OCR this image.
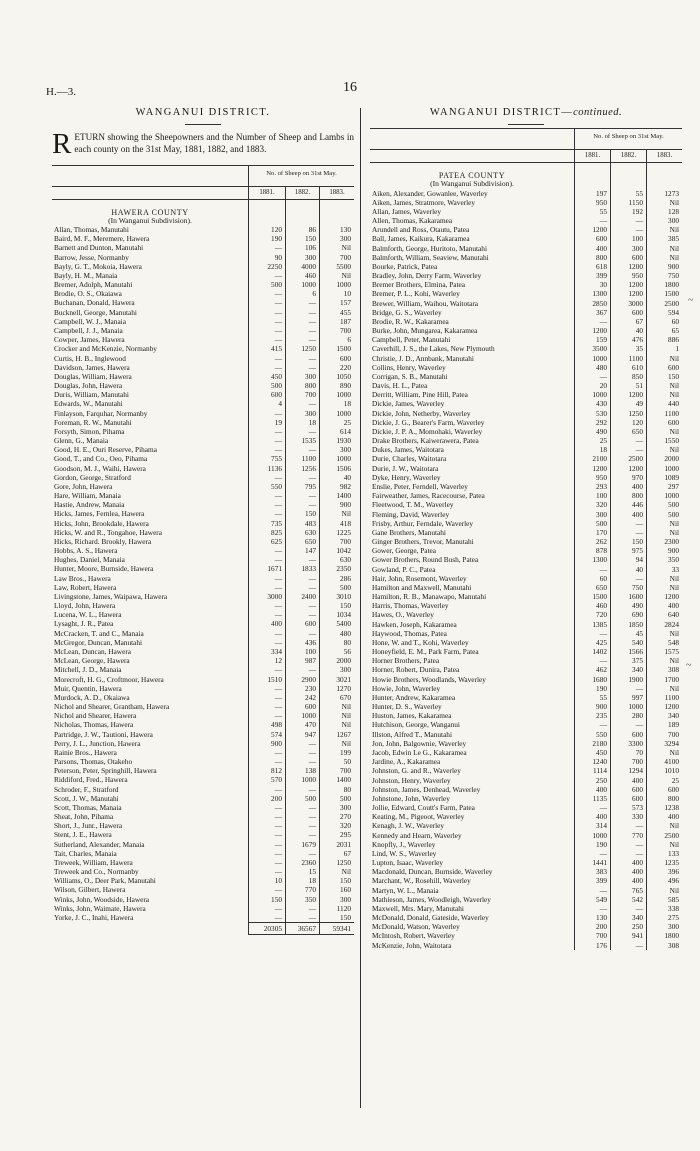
H.—3.	16
WANGANUI DISTRICT.
R ETURN showing the Sheepowners and the Number of Sheep and Lambs in each county on the 31st May, 1881, 1882, and 1883.
No. of Sheep on 31st May.
1881.	1882.	1883.
HAWERA COUNTY
(In Wanganui Subdivision).
Allan, Thomas, Manutahi	120	86	130
Baird, M. F., Meremere, Hawera	190	150	300
Barnett and Dunton, Manutahi	—	106	Nil
Barrow, Jesse, Normanby	90	300	700
Bayly, G. T., Mokoia, Hawera	2250	4000	5500
Bayly, H. M., Manaia	—	460	Nil
Bremer, Adolph, Manutahi	500	1000	1000
Brodie, O. S., Okaiawa	—	6	10
Buchanan, Donald, Hawera	—	—	157
Bucknell, George, Manutahi	—	—	455
Campbell, W. J., Manaia	—	—	187
Campbell, J. J., Manaia	—	—	700
Cowper, James, Hawera	—	—	6
Crocker and McKenzie, Normanby	415	1250	1500
Curtis, H. B., Inglewood	—	—	600
Davidson, James, Hawera	—	—	220
Douglas, William, Hawera	450	300	1050
Douglas, John, Hawera	500	800	890
Duris, William, Manutahi	600	700	1000
Edwards, W., Manutahi	4	—	18
Finlayson, Farquhar, Normanby	—	300	1000
Foreman, R. W., Manutahi	19	18	25
Forsyth, Simon, Pihama	—	—	614
Glenn, G., Manaia	—	1535	1930
Good, H. E., Ouri Reserve, Pihama	—	—	300
Good, T., and Co., Oeo, Pihama	755	1100	1000
Goodson, M. J., Waihi, Hawera	1136	1256	1506
Gordon, George, Stratford	—	—	40
Gore, John, Hawera	550	795	982
Hare, William, Manaia	—	—	1400
Hastie, Andrew, Manaia	—	—	900
Hicks, James, Fernlea, Hawera	—	150	Nil
Hicks, John, Brookdale, Hawera	735	483	418
Hicks, W. and R., Tongahoe, Hawera	825	630	1225
Hicks, Richard. Brookly, Hawera	625	650	700
Hobbs, A. S., Hawera	—	147	1042
Hughes, Daniel, Manaia	—	—	630
Hunter, Moore, Burnside, Hawera	1671	1833	2350
Law Bros., Hawera	—	—	286
Law, Robert, Hawera	—	—	500
Livingstone, James, Waipawa, Hawera	3000	2400	3010
Lloyd, John, Hawera	—	—	150
Lucena, W. L., Hawera	—	—	1034
Lysaght, J. R., Patea	400	600	5400
McCracken, T. and C., Manaia	—	—	480
McGregor, Duncan, Manutahi	—	436	80
McLean, Duncan, Hawera	334	100	56
McLean, George, Hawera	12	987	2000
Mitchell, J. D., Manaia	—	—	300
Morecroft, H. G., Croftmoor, Hawera	1510	2900	3021
Muir, Quentin, Hawera	—	230	1270
Murdock, A. D., Okaiawa	—	242	670
Nichol and Shearer, Grantham, Hawera	—	600	Nil
Nichol and Shearer, Hawera	—	1000	Nil
Nicholas, Thomas, Hawera	498	470	Nil
Partridge, J. W., Tautioni, Hawera	574	947	1267
Perry, J. L., Junction, Hawera	900	—	Nil
Rainie Bros., Hawera	—	—	199
Parsons, Thomas, Otakeho	—	—	50
Peterson, Peter, Springhill, Hawera	812	138	700
Riddiford, Fred., Hawera	570	1000	1400
Schroder, F., Stratford	—	—	80
Scott, J. W., Manutahi	200	500	500
Scott, Thomas, Manaia	—	—	300
Sheat, John, Pihama	—	—	270
Short, J., Junr., Hawera	—	—	320
Stent, J. E., Hawera	—	—	295
Sutherland, Alexander, Manaia	—	1679	2031
Tait, Charles, Manaia	—	—	67
Treweek, William, Hawera	—	2360	1250
Treweek and Co., Normanby	—	15	Nil
Williams, O., Deer Park, Manutahi	10	18	150
Wilson, Gilbert, Hawera	—	770	160
Winks, John, Woodside, Hawera	150	350	300
Winks, John, Waimate, Hawera	—	—	1120
Yorke, J. C., Inahi, Hawera	—	—	150
20305	36567	59341
WANGANUI DISTRICT—continued.
No. of Sheep on 31st May.
1881.	1882.	1883.
PATEA COUNTY
(In Wanganui Subdivision).
Aiken, Alexander, Gowanlee, Waverley	197	55	1273
Aiken, James, Stratmore, Waverley	950	1150	Nil
Allan, James, Waverley	55	192	128
Allen, Thomas, Kakaramea	—	—	300
Arundell and Ross, Otautu, Patea	1200	—	Nil
Ball, James, Kaikura, Kakaramea	600	100	385
Balmforth, George, Huritoto, Manutahi	400	300	Nil
Balmforth, William, Seaview, Manutahi	800	600	Nil
Bourke, Patrick, Patea	618	1200	900
Bradley, John, Derry Farm, Waverley	399	950	750
Bremer Brothers, Elmina, Patea	30	1200	1800
Bremer, P. L., Kohi, Waverley	1300	1200	1500
Brewer, William, Waihou, Waitotara	2850	3000	2500
Bridge, G. S., Waverley	367	600	594
Brodie, R. W., Kakaramea	—	67	60
Burke, John, Mungarea, Kakaramea	1200	40	65
Campbell, Peter, Manutahi	159	476	886
Caverhill, J. S., the Lakes, New Plymouth	3500	35	1
Christie, J. D., Annbank, Manutahi	1000	1100	Nil
Collins, Henry, Waverley	480	610	600
Corrigan, S. B., Manutahi	—	850	150
Davis, H. L., Patea	20	51	Nil
Derritt, William, Pine Hill, Patea	1000	1200	Nil
Dickie, James, Waverley	430	49	440
Dickie, John, Netherby, Waverley	530	1250	1100
Dickie, J. G., Bearer's Farm, Waverley	292	120	600
Dickie, J. P. A., Momohaki, Waverley	490	650	Nil
Drake Brothers, Kaiwerawera, Patea	25	—	1550
Dukes, James, Waitotara	18	—	Nil
Durie, Charles, Waitotara	2100	2500	2000
Durie, J. W., Waitotara	1200	1200	1000
Dyke, Henry, Waverley	950	970	1089
Enslie, Peter, Ferndell, Waverley	293	400	297
Fairweather, James, Racecourse, Patea	100	800	1000
Fleetwood, T. M., Waverley	320	446	500
Fleming, David, Waverley	300	400	500
Frisby, Arthur, Ferndale, Waverley	500	—	Nil
Gane Brothers, Manutahi	170	—	Nil
Ginger Brothers, Trevor, Manutahi	262	150	2300
Gower, George, Patea	878	975	900
Gower Brothers, Round Bush, Patea	1300	94	350
Gowland, P. C., Patea	—	40	33
Hair, John, Rosemont, Waverley	60	—	Nil
Hamilton and Maxwell, Manutahi	650	750	Nil
Hamilton, R. B., Manawapo, Manutahi	1500	1600	1200
Harris, Thomas, Waverley	460	490	400
Hawes, O., Waverley	720	690	640
Hawken, Joseph, Kakaramea	1385	1850	2824
Haywood, Thomas, Patea	—	45	Nil
Hone, W. and T., Kohi, Waverley	425	540	548
Honeyfield, E. M., Park Farm, Patea	1402	1566	1575
Horner Brothers, Patea	—	375	Nil
Horner, Robert, Dunira, Patea	462	340	308
Howie Brothers, Woodlands, Waverley	1680	1900	1700
Howie, John, Waverley	190	—	Nil
Hunter, Andrew, Kakaramea	55	997	1100
Hunter, D. S., Waverley	900	1000	1200
Huston, James, Kakaramea	235	280	340
Hutchison, George, Wanganui	—	—	189
Illston, Alfred T., Manutahi	550	600	700
Jon, John, Balgownie, Waverley	2180	3300	3294
Jacob, Edwin Le G., Kakaramea	450	70	Nil
Jardine, A., Kakaramea	1240	700	4100
Johnston, G. and R., Waverley	1114	1294	1010
Johnston, Henry, Waverley	250	400	25
Johnston, James, Denhead, Waverley	400	600	600
Johnstone, John, Waverley	1135	600	800
Jollie, Edward, Coutt's Farm, Patea	—	573	1238
Keating, M., Pigeoot, Waverley	400	330	400
Kenagh, J. W., Waverley	314	—	Nil
Kennedy and Hearn, Waverley	1000	770	2500
Knopfly, J., Waverley	190	—	Nil
Lind, W. S., Waverley	—	—	133
Lupton, Isaac, Waverley	1441	400	1235
Macdonald, Duncan, Burnside, Waverley	383	400	396
Marchant, W., Rosehill, Waverley	399	400	496
Martyn, W. L., Manaia	—	765	Nil
Mathieson, James, Woodleigh, Waverley	549	542	585
Maxwell, Mrs. Mary, Manutahi	—	—	338
McDonald, Donald, Gateside, Waverley	130	340	275
McDonald, Watson, Waverley	200	250	300
McIntosh, Robert, Waverley	700	941	1800
McKenzie, John, Waitotara	176	—	308
~
~
